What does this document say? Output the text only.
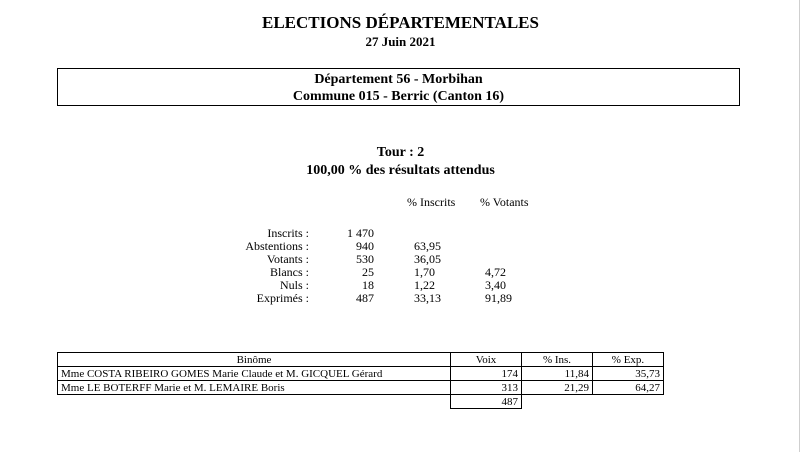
ELECTIONS DÉPARTEMENTALES
27 Juin 2021
Département 56 - Morbihan
Commune 015 - Berric (Canton 16)
Tour : 2
100,00 % des résultats attendus
% Inscrits % Votants
Inscrits :	1 470
Abstentions :	940	63,95
Votants :	530	36,05
Blancs :	25	1,70	4,72
Nuls :	18	1,22	3,40
Exprimés :	487	33,13	91,89
Binôme	Voix	% Ins.	% Exp.
Mme COSTA RIBEIRO GOMES Marie Claude et M. GICQUEL Gérard	174	11,84	35,73
Mme LE BOTERFF Marie et M. LEMAIRE Boris	313	21,29	64,27
	487		
